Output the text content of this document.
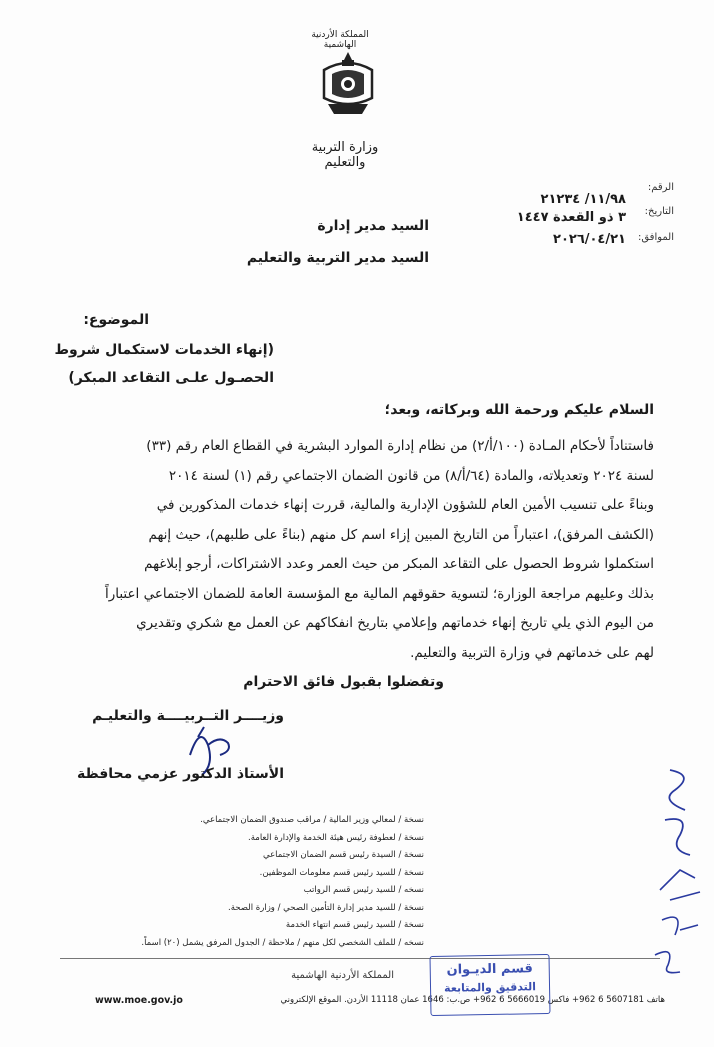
المملكة الأردنية الهاشمية
وزارة التربية والتعليم
الرقم:
١١/٩٨/ ٢١٢٣٤
التاريخ:
٣ ذو القعدة ١٤٤٧
الموافق:
٢٠٢٦/٠٤/٢١
السيد مدير إدارة
السيد مدير التربية والتعليم
الموضوع:
(إنهاء الخدمات لاستكمال شروط
الحصـول علـى التقاعد المبكر)
السلام عليكم ورحمة الله وبركاته، وبعد؛
فاستناداً لأحكام المـادة (١٠٠/أ/٢) من نظام إدارة الموارد البشرية في القطاع العام رقم (٣٣)
لسنة ٢٠٢٤ وتعديلاته، والمادة (٦٤/أ/٨) من قانون الضمان الاجتماعي رقم (١) لسنة ٢٠١٤
وبناءً على تنسيب الأمين العام للشؤون الإدارية والمالية، قررت إنهاء خدمات المذكورين في
(الكشف المرفق)، اعتباراً من التاريخ المبين إزاء اسم كل منهم (بناءً على طلبهم)، حيث إنهم
استكملوا شروط الحصول على التقاعد المبكر من حيث العمر وعدد الاشتراكات، أرجو إبلاغهم
بذلك وعليهم مراجعة الوزارة؛ لتسوية حقوقهم المالية مع المؤسسة العامة للضمان الاجتماعي اعتباراً
من اليوم الذي يلي تاريخ إنهاء خدماتهم وإعلامي بتاريخ انفكاكهم عن العمل مع شكري وتقديري
لهم على خدماتهم في وزارة التربية والتعليم.
وتفضلوا بقبول فائق الاحترام
وزيــــر التــربيــــة والتعليـم
الأستاذ الدكتور عزمي محافظة
نسخة / لمعالي وزير المالية / مراقب صندوق الضمان الاجتماعي.
نسخة / لعطوفة رئيس هيئة الخدمة والإدارة العامة.
نسخة / السيدة رئيس قسم الضمان الاجتماعي
نسخة / للسيد رئيس قسم معلومات الموظفين.
نسخه / للسيد رئيس قسم الرواتب
نسخة / للسيد مدير إدارة التأمين الصحي / وزارة الصحة.
نسخة / للسيد رئيس قسم انتهاء الخدمة
نسخه / للملف الشخصي لكل منهم / ملاحظة / الجدول المرفق يشمل (٢٠) اسماً.
المملكة الأردنية الهاشمية
هاتف 5607181 6 962+ فاكس 5666019 6 962+ ص.ب: 1646 عمان 11118 الأردن. الموقع الإلكتروني
www.moe.gov.jo
قسم الديـوان
التدقيق والمتابعة
